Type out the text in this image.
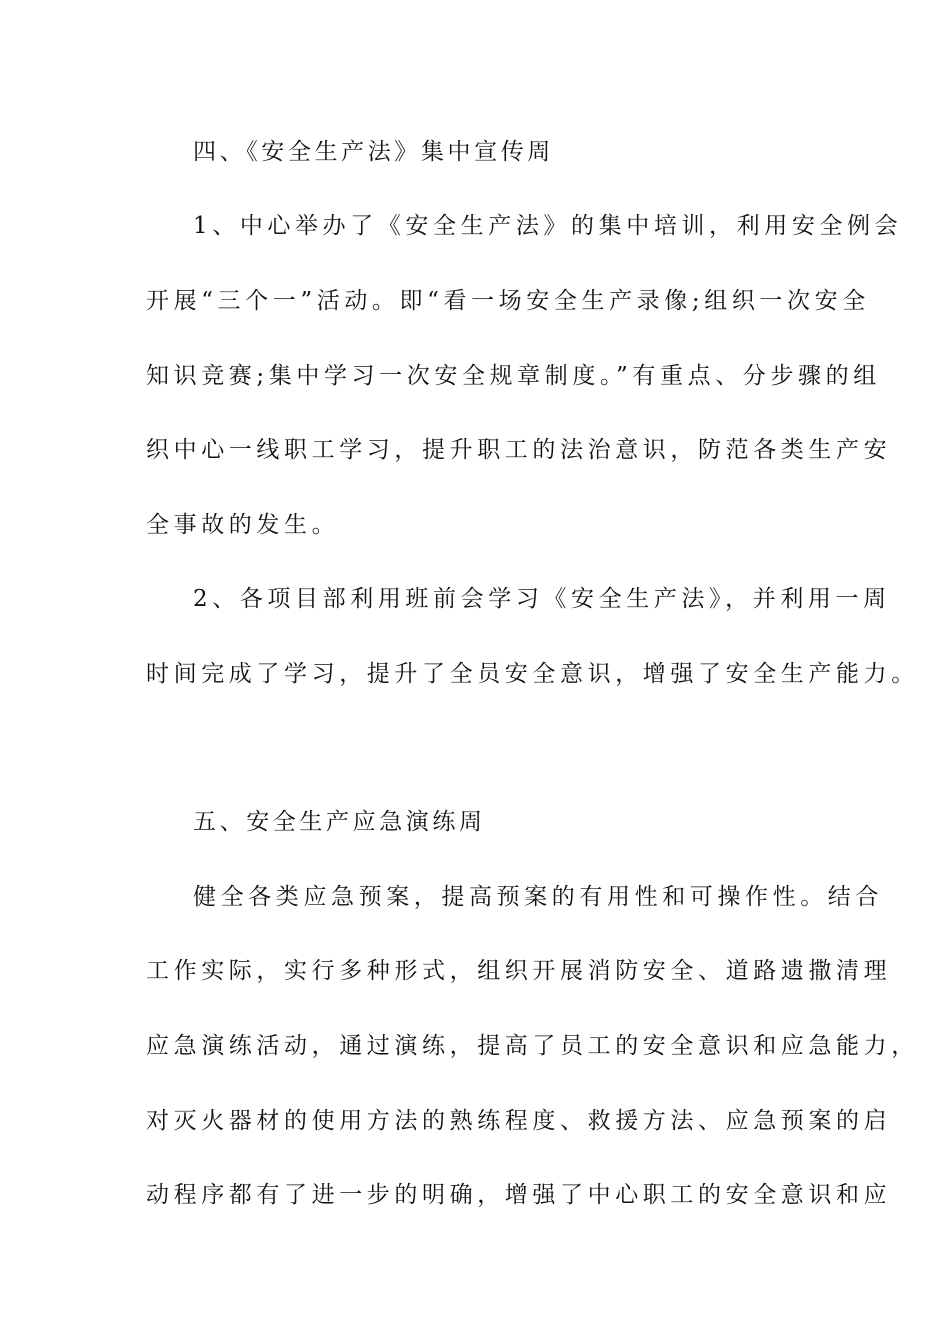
四、《安全生产法》集中宣传周
1、中心举办了《安全生产法》的集中培训，利用安全例会
开展“三个一”活动。即“看一场安全生产录像;组织一次安全
知识竞赛;集中学习一次安全规章制度。”有重点、分步骤的组
织中心一线职工学习，提升职工的法治意识，防范各类生产安
全事故的发生。
2、各项目部利用班前会学习《安全生产法》，并利用一周
时间完成了学习，提升了全员安全意识，增强了安全生产能力。
五、安全生产应急演练周
健全各类应急预案，提高预案的有用性和可操作性。结合
工作实际，实行多种形式，组织开展消防安全、道路遗撒清理
应急演练活动，通过演练，提高了员工的安全意识和应急能力，
对灭火器材的使用方法的熟练程度、救援方法、应急预案的启
动程序都有了进一步的明确，增强了中心职工的安全意识和应
